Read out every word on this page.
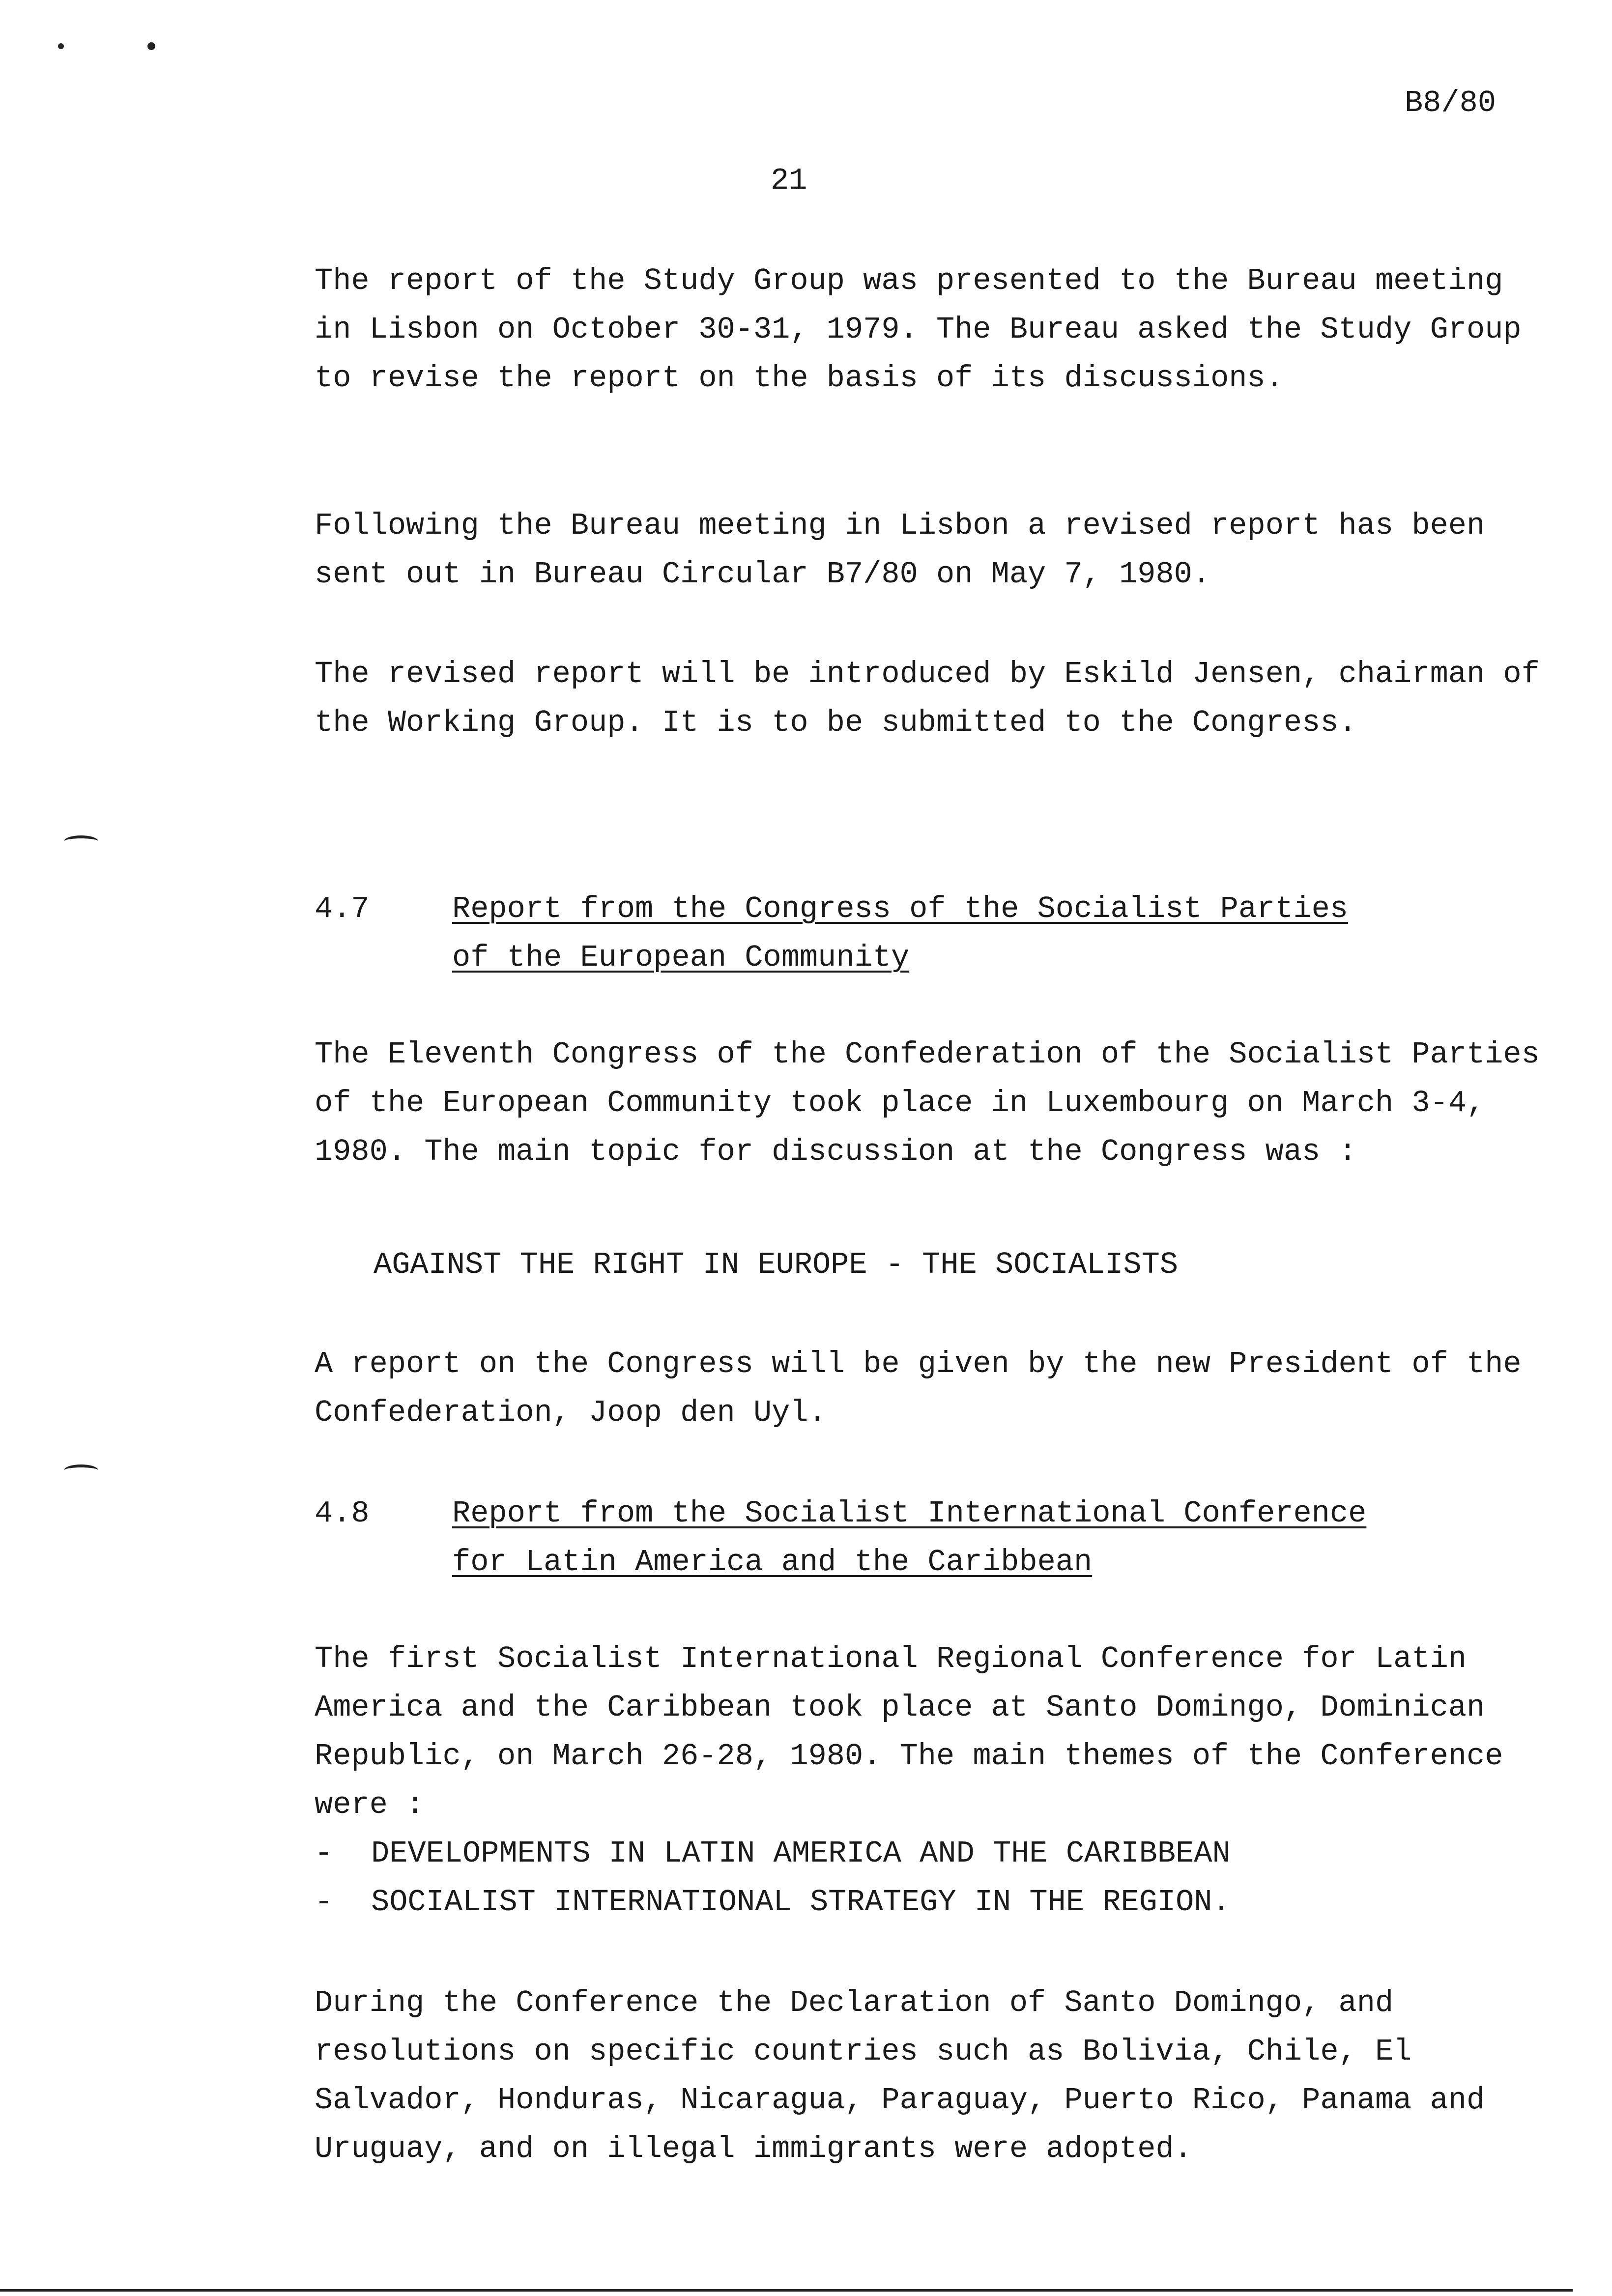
B8/80

21

The report of the Study Group was presented to the Bureau meeting in Lisbon on October 30-31, 1979. The Bureau asked the Study Group to revise the report on the basis of its discussions.

Following the Bureau meeting in Lisbon a revised report has been sent out in Bureau Circular B7/80 on May 7, 1980.

The revised report will be introduced by Eskild Jensen, chairman of the Working Group. It is to be submitted to the Congress.

4.7	Report from the Congress of the Socialist Parties
of the European Community

The Eleventh Congress of the Confederation of the Socialist Parties of the European Community took place in Luxembourg on March 3-4, 1980. The main topic for discussion at the Congress was :

AGAINST THE RIGHT IN EUROPE - THE SOCIALISTS

A report on the Congress will be given by the new President of the Confederation, Joop den Uyl.

4.8	Report from the Socialist International Conference
for Latin America and the Caribbean

The first Socialist International Regional Conference for Latin America and the Caribbean took place at Santo Domingo, Dominican Republic, on March 26-28, 1980. The main themes of the Conference were :

- DEVELOPMENTS IN LATIN AMERICA AND THE CARIBBEAN
- SOCIALIST INTERNATIONAL STRATEGY IN THE REGION.

During the Conference the Declaration of Santo Domingo, and resolutions on specific countries such as Bolivia, Chile, El Salvador, Honduras, Nicaragua, Paraguay, Puerto Rico, Panama and Uruguay, and on illegal immigrants were adopted.
